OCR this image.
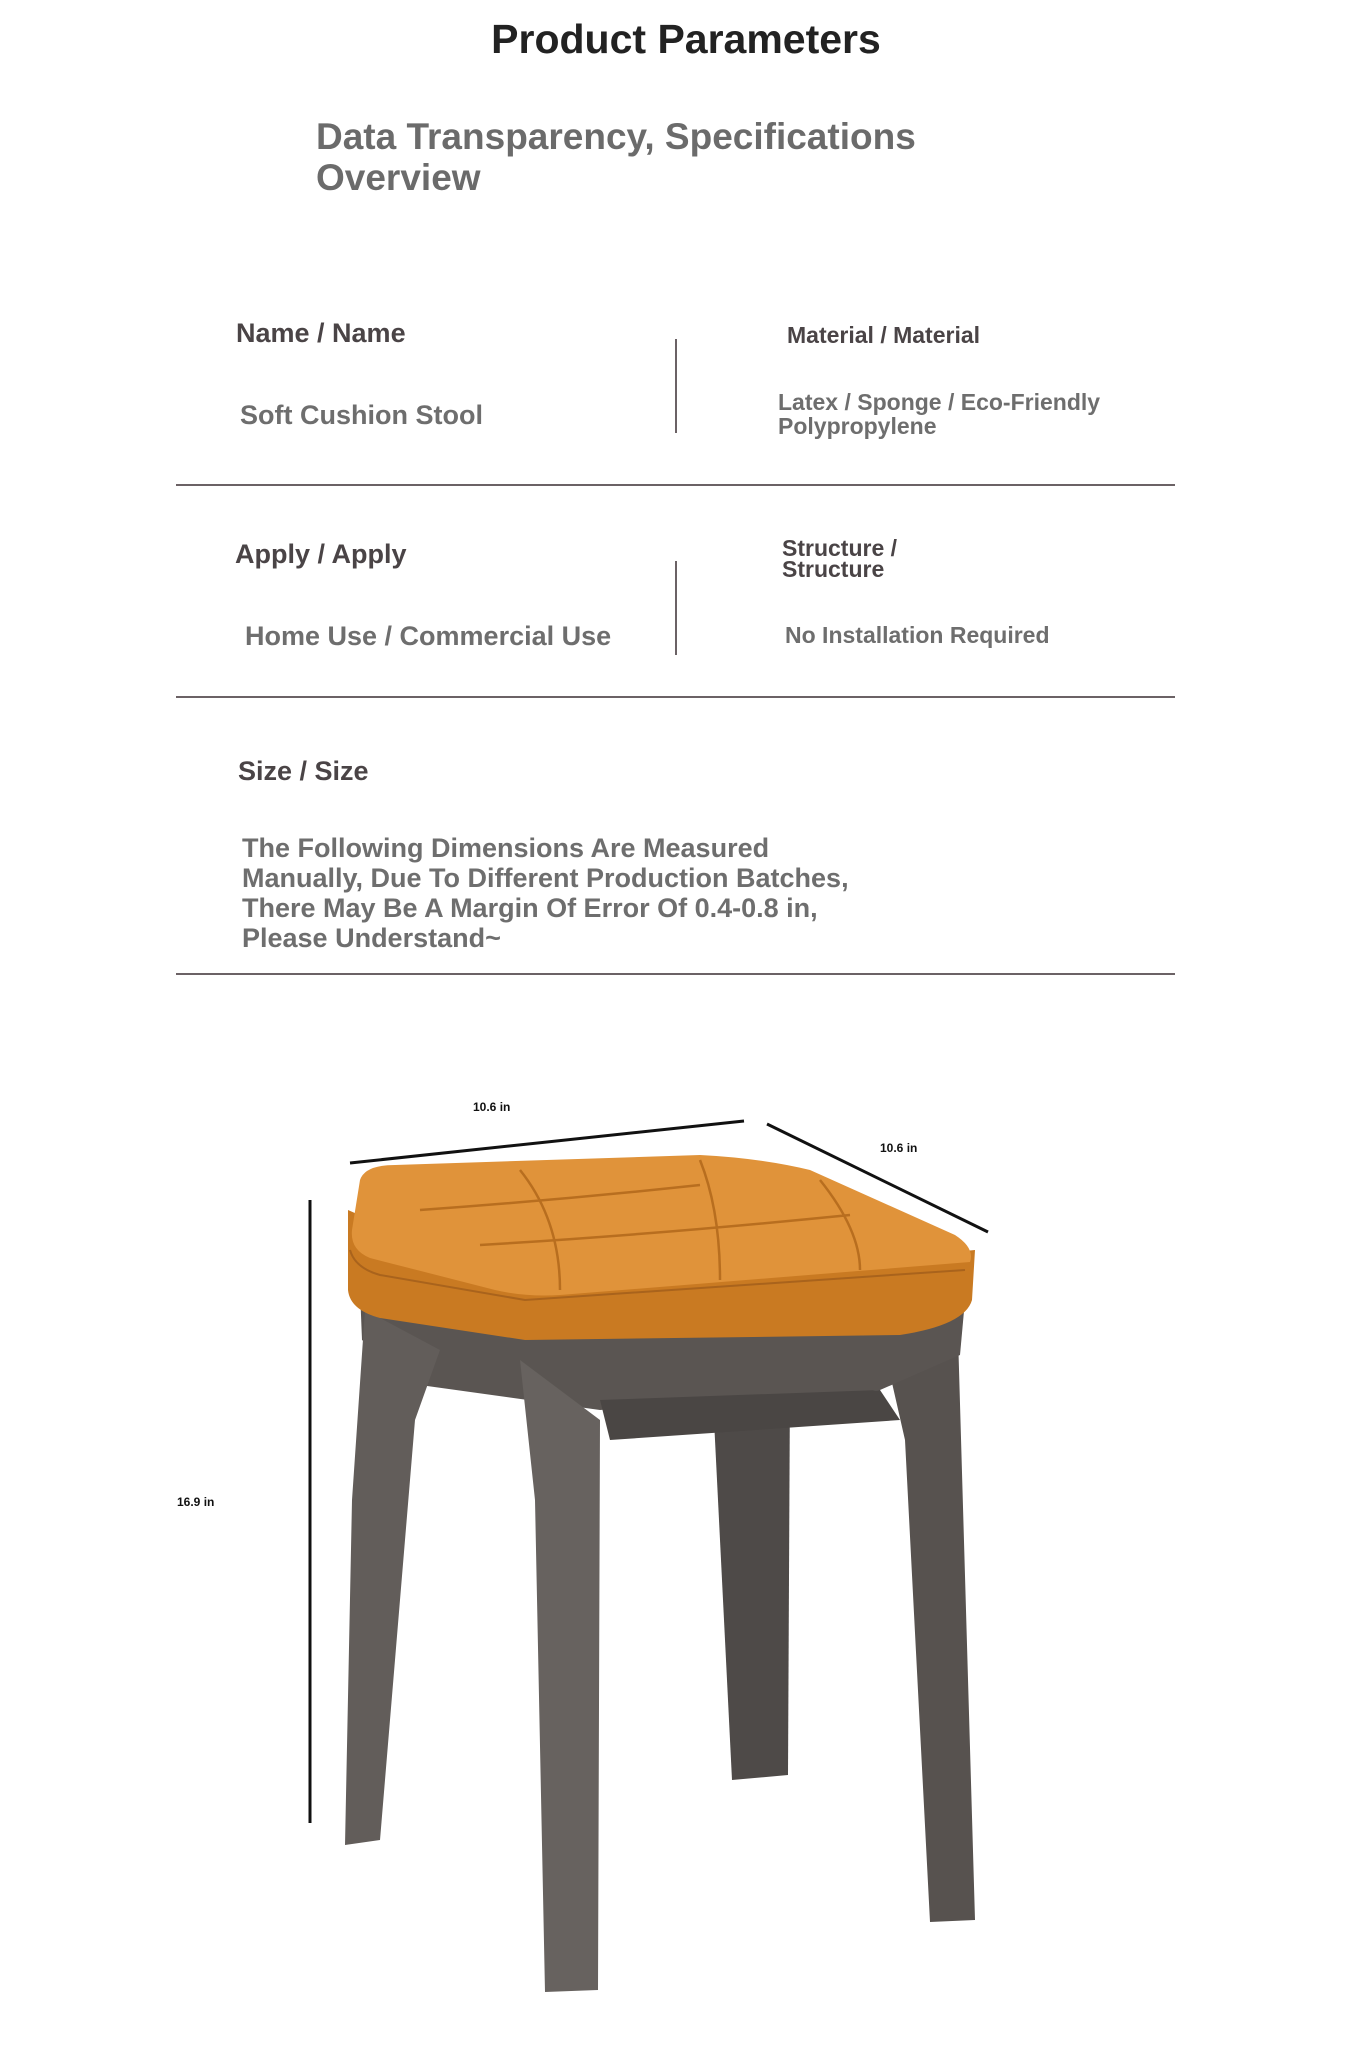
Product Parameters
Data Transparency, Specifications Overview
Name / Name
Soft Cushion Stool
Material / Material
Latex / Sponge / Eco-Friendly Polypropylene
Apply / Apply
Home Use / Commercial Use
Structure / Structure
No Installation Required
Size / Size
The Following Dimensions Are Measured Manually, Due To Different Production Batches, There May Be A Margin Of Error Of 0.4-0.8 in, Please Understand~
10.6 in
10.6 in
16.9 in
